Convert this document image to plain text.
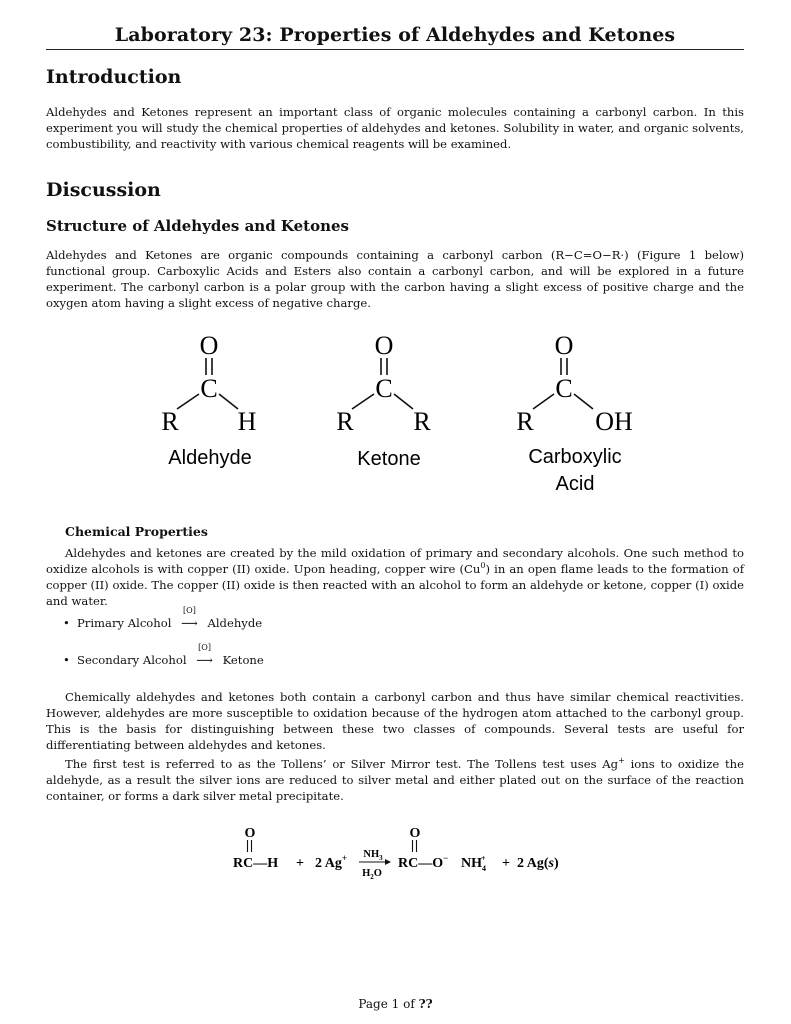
Laboratory 23: Properties of Aldehydes and Ketones
Introduction

Aldehydes and Ketones represent an important class of organic molecules containing a carbonyl carbon. In this experiment you will study the chemical properties of aldehydes and ketones. Solubility in water, and organic solvents, combustibility, and reactivity with various chemical reagents will be examined.

Discussion
Structure of Aldehydes and Ketones

Aldehydes and Ketones are organic compounds containing a carbonyl carbon (R−C=O−R·) (Figure 1 below) functional group. Carboxylic Acids and Esters also contain a carbonyl carbon, and will be explored in a future experiment. The carbonyl carbon is a polar group with the carbon having a slight excess of positive charge and the oxygen atom having a slight excess of negative charge.

O
C
R H
Aldehyde
O
C
R R
Ketone
O
C
R OH
Carboxylic
Acid
Chemical Properties

Aldehydes and ketones are created by the mild oxidation of primary and secondary alcohols. One such method to oxidize alcohols is with copper (II) oxide. Upon heading, copper wire (Cu$^0$) in an open flame leads to the formation of copper (II) oxide. The copper (II) oxide is then reacted with an alcohol to form an aldehyde or ketone, copper (I) oxide and water.

• Primary Alcohol
[O]
⟶ Aldehyde
• Secondary Alcohol
[O]
⟶ Ketone

Chemically aldehydes and ketones both contain a carbonyl carbon and thus have similar chemical reactivities. However, aldehydes are more susceptible to oxidation because of the hydrogen atom attached to the carbonyl group. This is the basis for distinguishing between these two classes of compounds. Several tests are useful for differentiating between aldehydes and ketones.

The first test is referred to as the Tollens’ or Silver Mirror test. The Tollens test uses Ag+ ions to oxidize the aldehyde, as a result the silver ions are reduced to silver metal and either plated out on the surface of the reaction container, or forms a dark silver metal precipitate.

O
RC—H + 2 Ag+ $NH_3$
$H_2O$
O
RC—O− $NH_4+ + 2$ Ag(s)
Page 1 of ??
